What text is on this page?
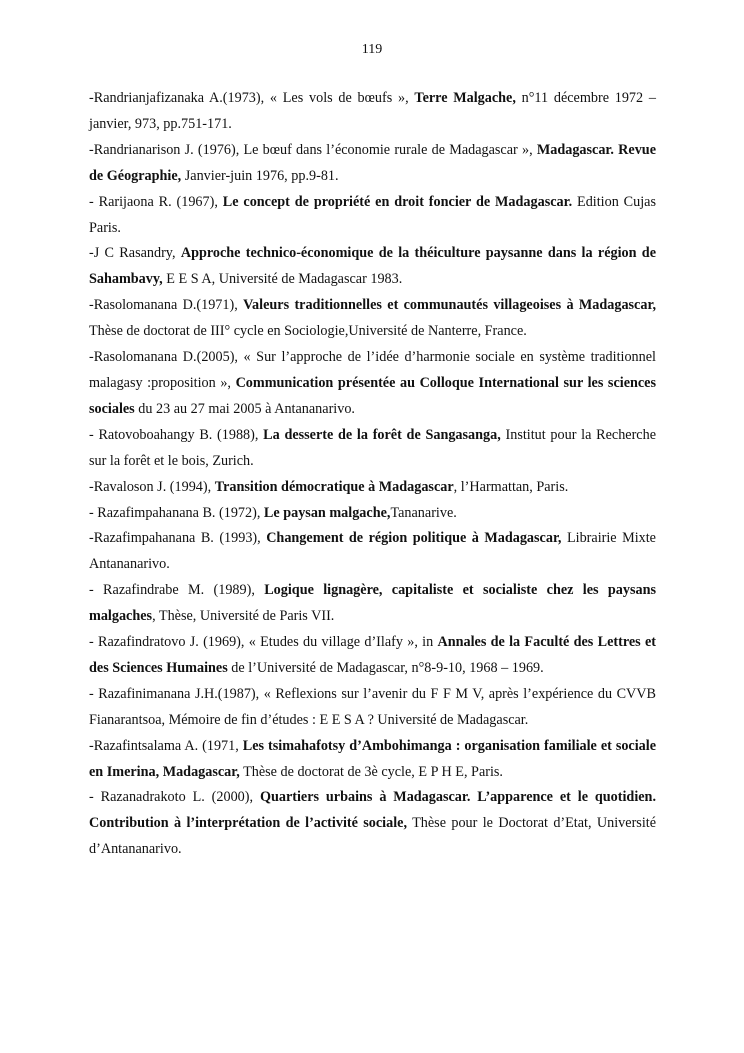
119

-Randrianjafizanaka A.(1973), « Les vols de bœufs », Terre Malgache, n°11 décembre 1972 – janvier, 973, pp.751-171.

-Randrianarison J. (1976), Le bœuf dans l’économie rurale de Madagascar », Madagascar. Revue de Géographie, Janvier-juin 1976, pp.9-81.

- Rarijaona R. (1967), Le concept de propriété en droit foncier de Madagascar. Edition Cujas Paris.

-J C Rasandry, Approche technico-économique de la théiculture paysanne dans la région de Sahambavy, E E S A, Université de Madagascar 1983.

-Rasolomanana D.(1971), Valeurs traditionnelles et communautés villageoises à Madagascar, Thèse de doctorat de III° cycle en Sociologie,Université de Nanterre, France.

-Rasolomanana D.(2005), « Sur l’approche de l’idée d’harmonie sociale en système traditionnel malagasy :proposition », Communication présentée au Colloque International sur les sciences sociales du 23 au 27 mai 2005 à Antananarivo.

- Ratovoboahangy B. (1988), La desserte de la forêt de Sangasanga, Institut pour la Recherche sur la forêt et le bois, Zurich.

-Ravaloson J. (1994), Transition démocratique à Madagascar, l’Harmattan, Paris.

- Razafimpahanana B. (1972), Le paysan malgache,Tananarive.

-Razafimpahanana B. (1993), Changement de région politique à Madagascar, Librairie Mixte Antananarivo.

- Razafindrabe M. (1989), Logique lignagère, capitaliste et socialiste chez les paysans malgaches, Thèse, Université de Paris VII.

- Razafindratovo J. (1969), « Etudes du village d’Ilafy », in Annales de la Faculté des Lettres et des Sciences Humaines de l’Université de Madagascar, n°8-9-10, 1968 – 1969.

- Razafinimanana J.H.(1987), « Reflexions sur l’avenir du F F M V, après l’expérience du CVVB Fianarantsoa, Mémoire de fin d’études : E E S A ? Université de Madagascar.

-Razafintsalama A. (1971, Les tsimahafotsy d’Ambohimanga : organisation familiale et sociale en Imerina, Madagascar, Thèse de doctorat de 3è cycle, E P H E, Paris.

- Razanadrakoto L. (2000), Quartiers urbains à Madagascar. L’apparence et le quotidien. Contribution à l’interprétation de l’activité sociale, Thèse pour le Doctorat d’Etat, Université d’Antananarivo.
